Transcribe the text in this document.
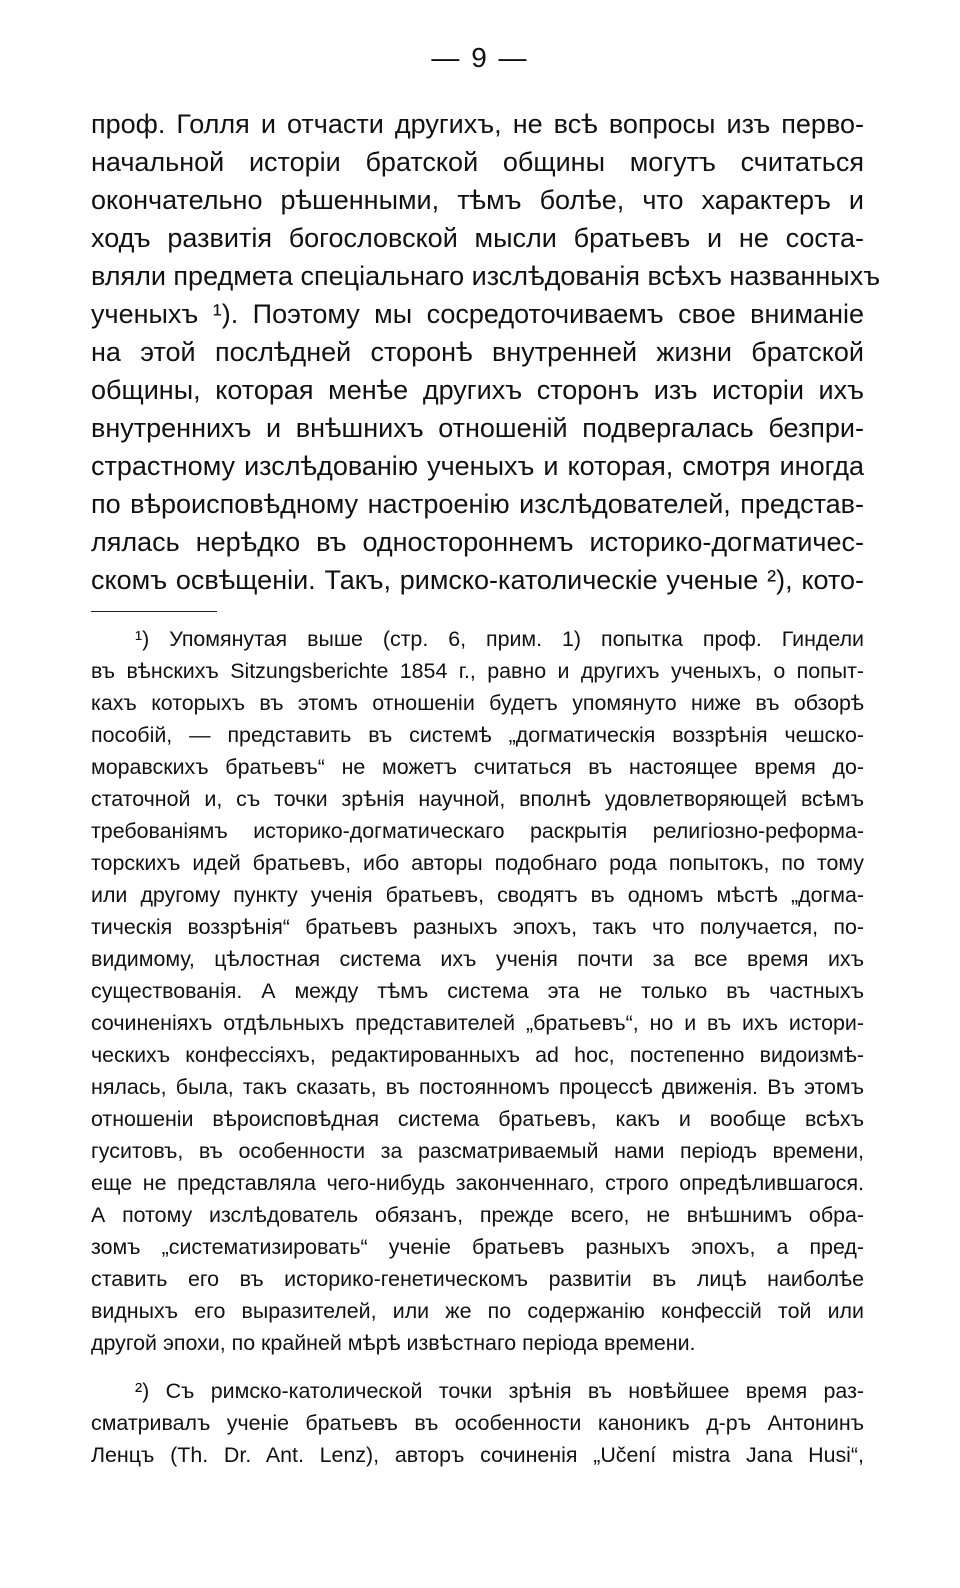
— 9 —
проф. Голля и отчасти другихъ, не всѣ вопросы изъ перво-
начальной исторіи братской общины могутъ считаться
окончательно рѣшенными, тѣмъ болѣе, что характеръ и
ходъ развитія богословской мысли братьевъ и не соста-
вляли предмета спеціальнаго изслѣдованія всѣхъ названныхъ
ученыхъ ¹). Поэтому мы сосредоточиваемъ свое вниманіе
на этой послѣдней сторонѣ внутренней жизни братской
общины, которая менѣе другихъ сторонъ изъ исторіи ихъ
внутреннихъ и внѣшнихъ отношеній подвергалась безпри-
страстному изслѣдованію ученыхъ и которая, смотря иногда
по вѣроисповѣдному настроенію изслѣдователей, представ-
лялась нерѣдко въ одностороннемъ историко-догматичес-
скомъ освѣщеніи. Такъ, римско-католическіе ученые ²), кото-
¹) Упомянутая выше (стр. 6, прим. 1) попытка проф. Гиндели
въ вѣнскихъ Sitzungsberichte 1854 г., равно и другихъ ученыхъ, о попыт-
кахъ которыхъ въ этомъ отношеніи будетъ упомянуто ниже въ обзорѣ
пособій, — представить въ системѣ „догматическія воззрѣнія чешско-
моравскихъ братьевъ“ не можетъ считаться въ настоящее время до-
статочной и, съ точки зрѣнія научной, вполнѣ удовлетворяющей всѣмъ
требованіямъ историко-догматическаго раскрытія религіозно-реформа-
торскихъ идей братьевъ, ибо авторы подобнаго рода попытокъ, по тому
или другому пункту ученія братьевъ, сводятъ въ одномъ мѣстѣ „догма-
тическія воззрѣнія“ братьевъ разныхъ эпохъ, такъ что получается, по-
видимому, цѣлостная система ихъ ученія почти за все время ихъ
существованія. А между тѣмъ система эта не только въ частныхъ
сочиненіяхъ отдѣльныхъ представителей „братьевъ“, но и въ ихъ истори-
ческихъ конфессіяхъ, редактированныхъ ad hoc, постепенно видоизмѣ-
нялась, была, такъ сказать, въ постоянномъ процессѣ движенія. Въ этомъ
отношеніи вѣроисповѣдная система братьевъ, какъ и вообще всѣхъ
гуситовъ, въ особенности за разсматриваемый нами періодъ времени,
еще не представляла чего-нибудь законченнаго, строго опредѣлившагося.
А потому изслѣдователь обязанъ, прежде всего, не внѣшнимъ обра-
зомъ „систематизировать“ ученіе братьевъ разныхъ эпохъ, а пред-
ставить его въ историко-генетическомъ развитіи въ лицѣ наиболѣе
видныхъ его выразителей, или же по содержанію конфессій той или
другой эпохи, по крайней мѣрѣ извѣстнаго періода времени.
²) Съ римско-католической точки зрѣнія въ новѣйшее время раз-
сматривалъ ученіе братьевъ въ особенности каноникъ д-ръ Антонинъ
Ленцъ (Th. Dr. Ant. Lenz), авторъ сочиненія „Učení mistra Jana Husi“,
